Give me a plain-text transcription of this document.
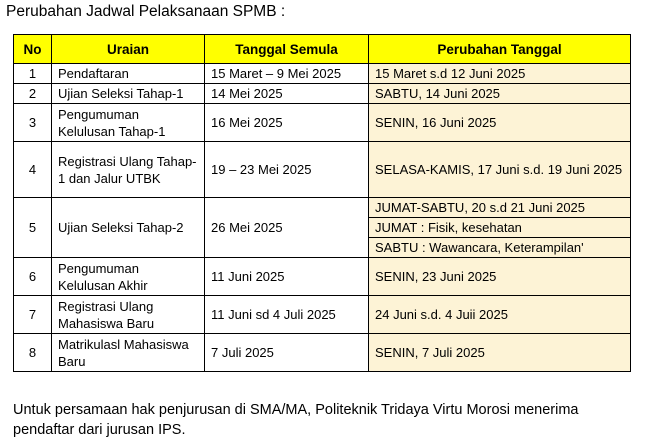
Perubahan Jadwal Pelaksanaan SPMB :
No	Uraian	Tanggal Semula	Perubahan Tanggal
1	Pendaftaran	15 Maret – 9 Mei 2025	15 Maret s.d 12 Juni 2025
2	Ujian Seleksi Tahap-1	14 Mei 2025	SABTU, 14 Juni 2025
3	Pengumuman Kelulusan Tahap-1	16 Mei 2025	SENIN, 16 Juni 2025
4	Registrasi Ulang Tahap-1 dan Jalur UTBK	19 – 23 Mei 2025	SELASA-KAMIS, 17 Juni s.d. 19 Juni 2025
5	Ujian Seleksi Tahap-2	26 Mei 2025	JUMAT-SABTU, 20 s.d 21 Juni 2025
			JUMAT : Fisik, kesehatan
			SABTU : Wawancara, Keterampilan'
6	Pengumuman Kelulusan Akhir	11 Juni 2025	SENIN, 23 Juni 2025
7	Registrasi Ulang Mahasiswa Baru	11 Juni sd 4 Juli 2025	24 Juni s.d. 4 Juii 2025
8	Matrikulasl Mahasiswa Baru	7 Juli 2025	SENIN, 7 Juli 2025
Untuk persamaan hak penjurusan di SMA/MA, Politeknik Tridaya Virtu Morosi menerima pendaftar dari jurusan IPS.
